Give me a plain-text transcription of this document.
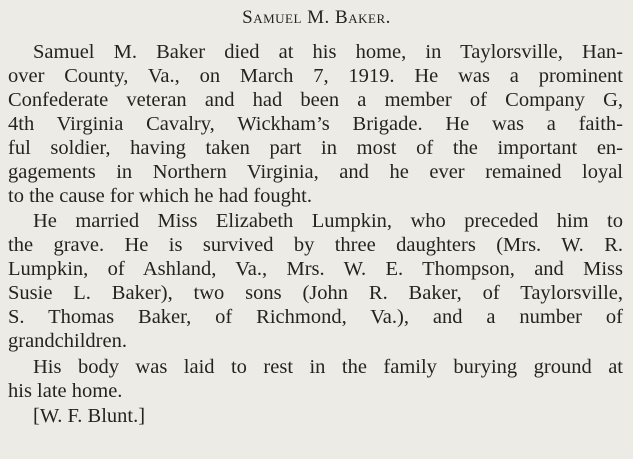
Samuel M. Baker.
Samuel M. Baker died at his home, in Taylorsville, Han-
over County, Va., on March 7, 1919. He was a prominent
Confederate veteran and had been a member of Company G,
4th Virginia Cavalry, Wickham’s Brigade. He was a faith-
ful soldier, having taken part in most of the important en-
gagements in Northern Virginia, and he ever remained loyal
to the cause for which he had fought.
He married Miss Elizabeth Lumpkin, who preceded him to
the grave. He is survived by three daughters (Mrs. W. R.
Lumpkin, of Ashland, Va., Mrs. W. E. Thompson, and Miss
Susie L. Baker), two sons (John R. Baker, of Taylorsville,
S. Thomas Baker, of Richmond, Va.), and a number of
grandchildren.
His body was laid to rest in the family burying ground at
his late home.
[W. F. Blunt.]
